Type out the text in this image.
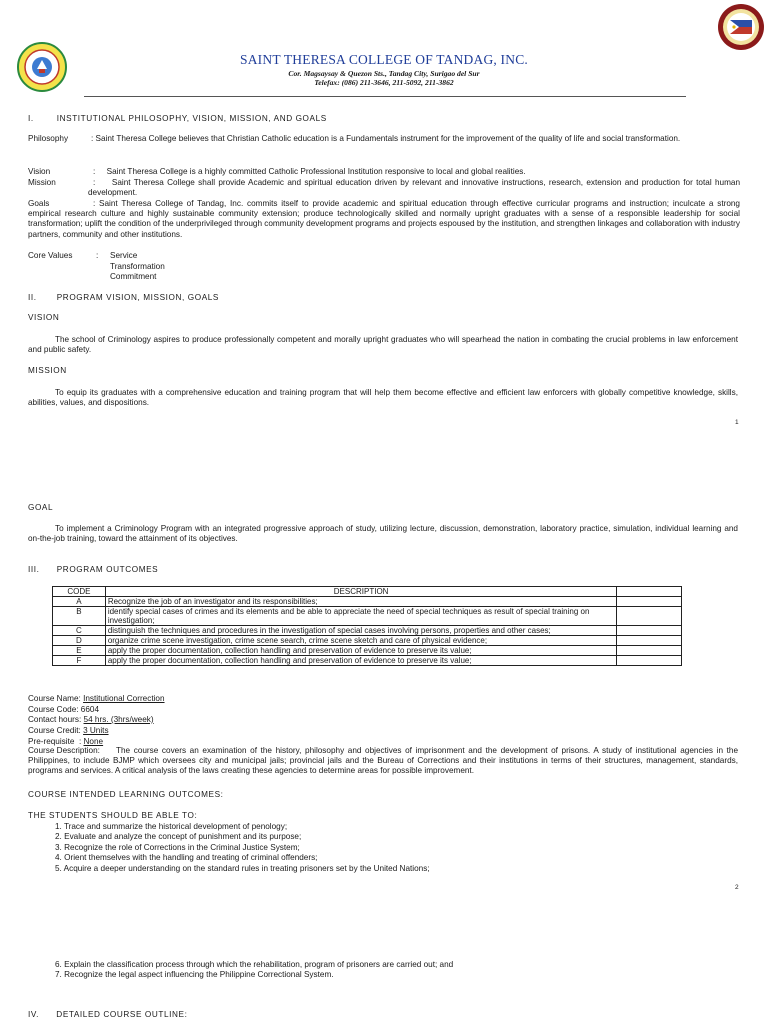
SAINT THERESA COLLEGE OF TANDAG, INC.
Cor. Magsaysay & Quezon Sts., Tandag City, Surigao del Sur
Telefax: (086) 211-3646, 211-5092, 211-3862
I.        INSTITUTIONAL PHILOSOPHY, VISION, MISSION, AND GOALS
Philosophy	: Saint Theresa College believes that Christian Catholic education is a Fundamentals instrument for the improvement of the quality of life and social transformation.
Vision	:     Saint Theresa College is a highly committed Catholic Professional Institution responsive to local and global realities.
Mission	:     Saint Theresa College shall provide Academic and spiritual education driven by relevant and innovative instructions, research, extension and production for total human development.
Goals	: Saint Theresa College of Tandag, Inc. commits itself to provide academic and spiritual education through effective curricular programs and instruction; inculcate a strong empirical research culture and highly sustainable community extension; produce technologically skilled and normally upright graduates with a sense of a responsible leadership for social transformation; uplift the condition of the underprivileged through community development programs and projects espoused by the institution, and strengthen linkages and collaboration with industry partners, community and other institutions.
Core Values	: Service
Transformation
Commitment
II.       PROGRAM VISION, MISSION, GOALS
VISION
The school of Criminology aspires to produce professionally competent and morally upright graduates who will spearhead the nation in combating the crucial problems in law enforcement and public safety.
MISSION
To equip its graduates with a comprehensive education and training program that will help them become effective and efficient law enforcers with globally competitive knowledge, skills, abilities, values, and dispositions.
1
GOAL
To implement a Criminology Program with an integrated progressive approach of study, utilizing lecture, discussion, demonstration, laboratory practice, simulation, individual learning and on-the-job training, toward the attainment of its objectives.
III.      PROGRAM OUTCOMES
CODE	DESCRIPTION	
A	Recognize the job of an investigator and its responsibilities;	
B	identify special cases of crimes and its elements and be able to appreciate the need of special techniques as result of special training on investigation;	
C	distinguish the techniques and procedures in the investigation of special cases involving persons, properties and other cases;	
D	organize crime scene investigation, crime scene search, crime scene sketch and care of physical evidence;	
E	apply the proper documentation, collection handling and preservation of evidence to preserve its value;	
F	apply the proper documentation, collection handling and preservation of evidence to preserve its value;	
Course Name: Institutional Correction
Course Code: 6604
Contact hours: 54 hrs. (3hrs/week)
Course Credit: 3 Units
Pre-requisite  : None
Course Description:	The course covers an examination of the history, philosophy and objectives of imprisonment and the development of prisons. A study of institutional agencies in the Philippines, to include BJMP which oversees city and municipal jails; provincial jails and the Bureau of Corrections and their institutions in terms of their structures, management, standards, programs and services. A critical analysis of the laws creating these agencies to determine areas for possible improvement.
COURSE INTENDED LEARNING OUTCOMES:
THE STUDENTS SHOULD BE ABLE TO:
1. Trace and summarize the historical development of penology;
2. Evaluate and analyze the concept of punishment and its purpose;
3. Recognize the role of Corrections in the Criminal Justice System;
4. Orient themselves with the handling and treating of criminal offenders;
5. Acquire a deeper understanding on the standard rules in treating prisoners set by the United Nations;
2
6. Explain the classification process through which the rehabilitation, program of prisoners are carried out; and
7. Recognize the legal aspect influencing the Philippine Correctional System.
IV.      DETAILED COURSE OUTLINE:
